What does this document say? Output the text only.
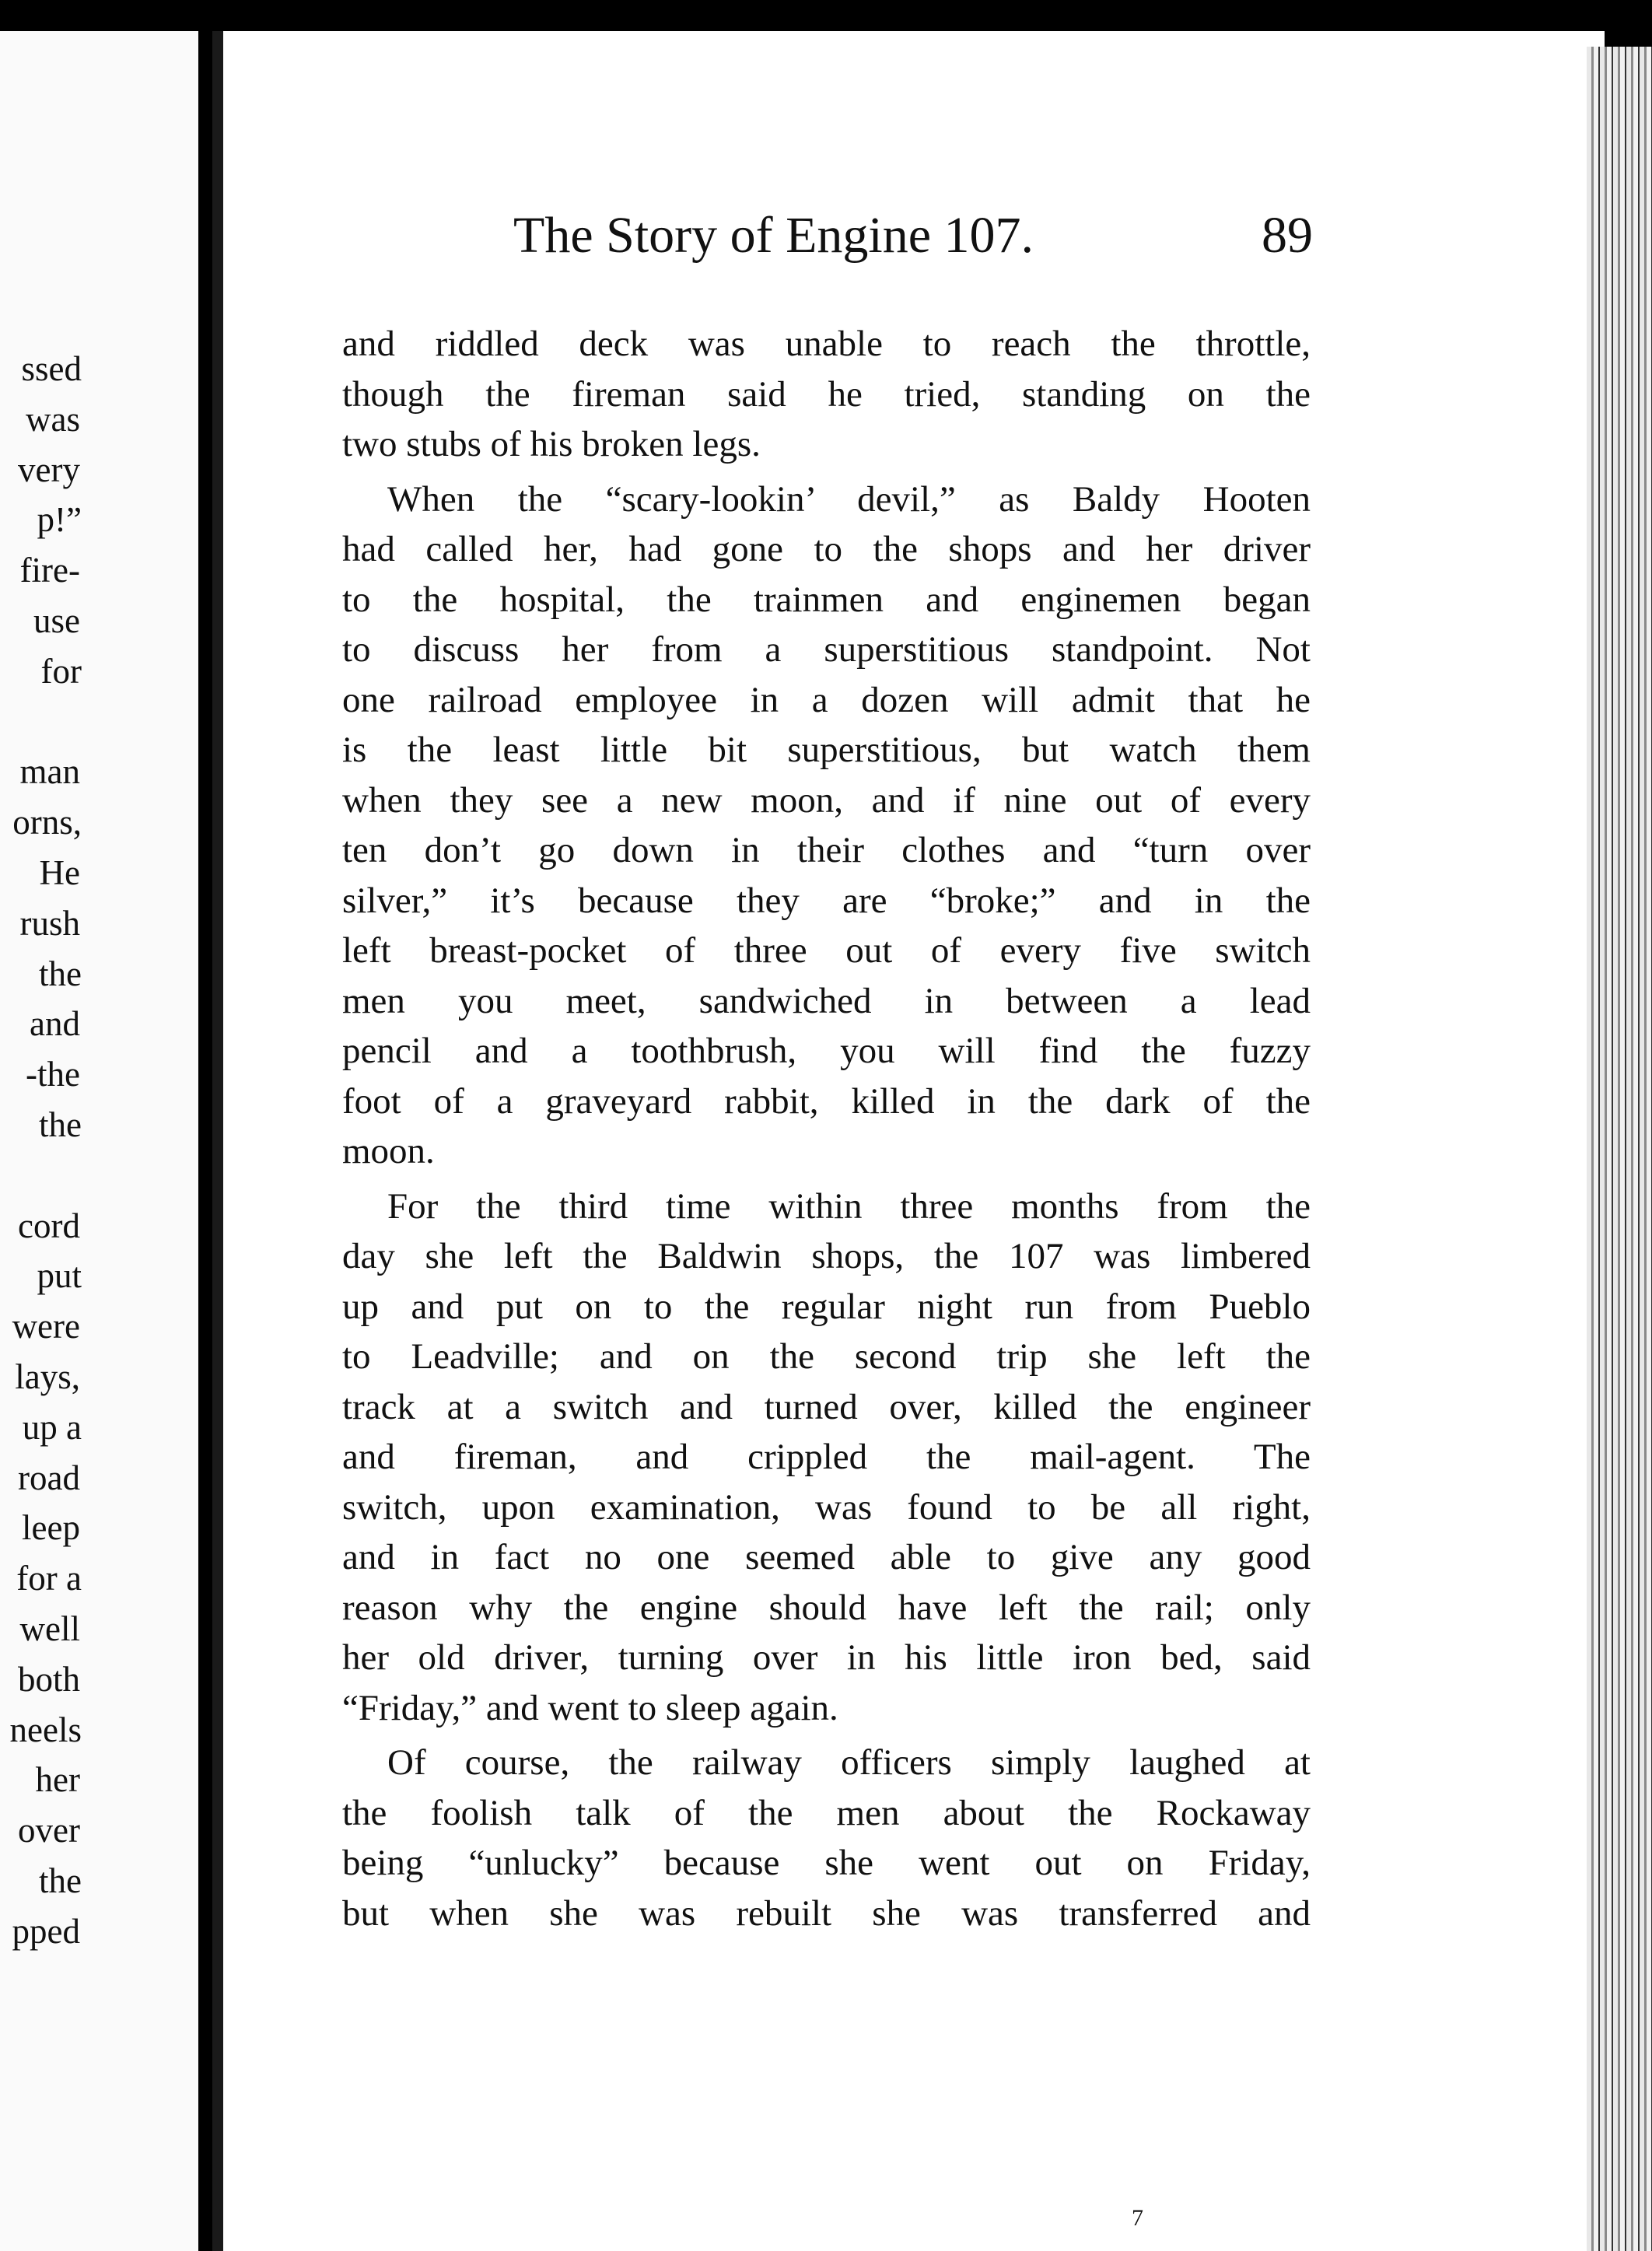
ssed
was
very
p!”
fire-
use
for
man
orns,
He
rush
the
and
-the
the
cord
put
were
lays,
up a
road
leep
for a
well
both
neels
her
over
the
pped
The Story of Engine 107.	89
and riddled deck was unable to reach the throttle,
though the fireman said he tried, standing on the
two stubs of his broken legs.
When the “scary-lookin’ devil,” as Baldy Hooten
had called her, had gone to the shops and her driver
to the hospital, the trainmen and enginemen began
to discuss her from a superstitious standpoint. Not
one railroad employee in a dozen will admit that he
is the least little bit superstitious, but watch them
when they see a new moon, and if nine out of every
ten don’t go down in their clothes and “turn over
silver,” it’s because they are “broke;” and in the
left breast-pocket of three out of every five switch
men you meet, sandwiched in between a lead
pencil and a toothbrush, you will find the fuzzy
foot of a graveyard rabbit, killed in the dark of the
moon.
For the third time within three months from the
day she left the Baldwin shops, the 107 was limbered
up and put on to the regular night run from Pueblo
to Leadville; and on the second trip she left the
track at a switch and turned over, killed the engineer
and fireman, and crippled the mail-agent. The
switch, upon examination, was found to be all right,
and in fact no one seemed able to give any good
reason why the engine should have left the rail; only
her old driver, turning over in his little iron bed, said
“Friday,” and went to sleep again.
Of course, the railway officers simply laughed at
the foolish talk of the men about the Rockaway
being “unlucky” because she went out on Friday,
but when she was rebuilt she was transferred and
7
